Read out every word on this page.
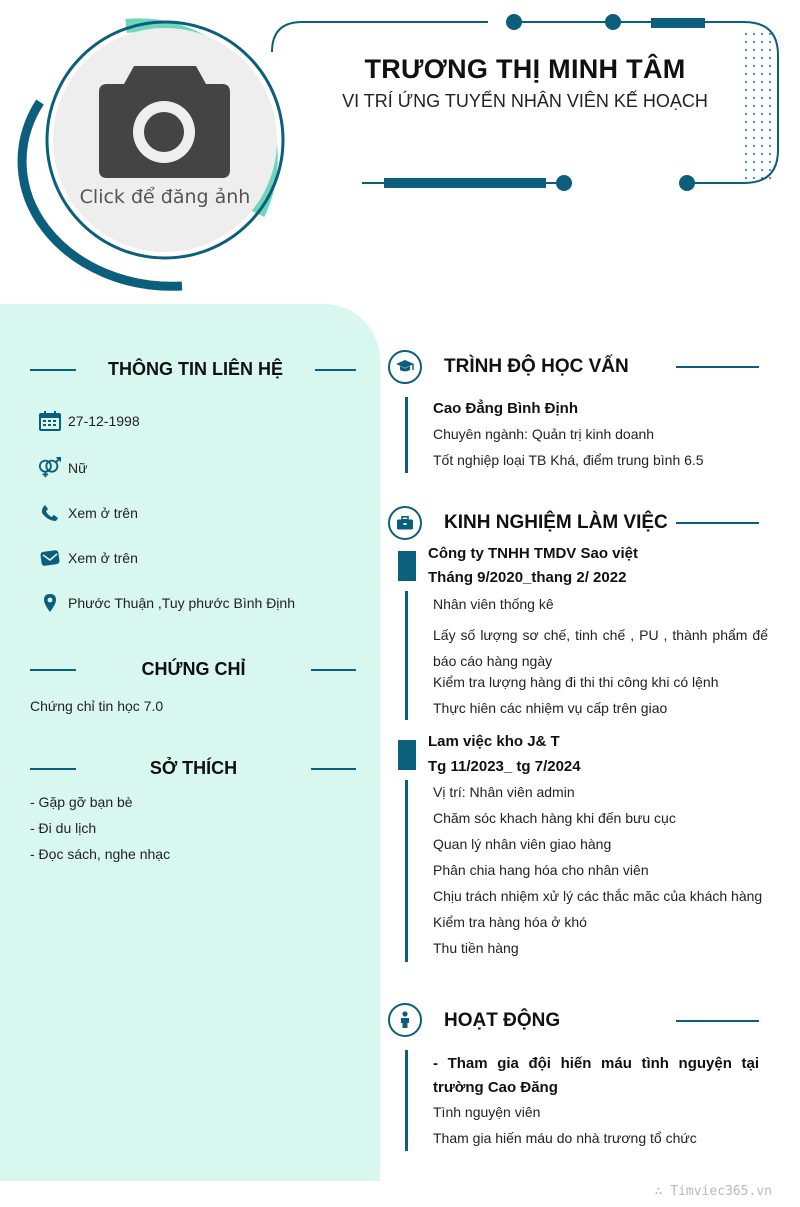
Click để đăng ảnh
TRƯƠNG THỊ MINH TÂM
VI TRÍ ỨNG TUYỂN NHÂN VIÊN KẾ HOẠCH
THÔNG TIN LIÊN HỆ
27-12-1998
Nữ
Xem ở trên
Xem ở trên
Phước Thuận ,Tuy phước Bình Định
CHỨNG CHỈ
Chứng chỉ tin học 7.0
SỞ THÍCH
- Gặp gỡ bạn bè
- Đi du lịch
- Đọc sách, nghe nhạc
TRÌNH ĐỘ HỌC VẤN
Cao Đẳng Bình Định
Chuyên ngành: Quản trị kinh doanh
Tốt nghiệp loại TB Khá, điểm trung bình 6.5
KINH NGHIỆM LÀM VIỆC
Công ty TNHH TMDV Sao việt
Tháng 9/2020_thang 2/ 2022
Nhân viên thống kê
Lấy số lượng sơ chế, tinh chế , PU , thành phẩm để báo cáo hàng ngày
Kiểm tra lượng hàng đi thi thi công khi có lệnh
Thực hiên các nhiệm vụ cấp trên giao
Lam việc kho J& T
Tg 11/2023_ tg 7/2024
Vị trí: Nhân viên admin
Chăm sóc khach hàng khi đến bưu cục
Quan lý nhân viên giao hàng
Phân chia hang hóa cho nhân viên
Chịu trách nhiệm xử lý các thắc măc của khách hàng
Kiểm tra hàng hóa ở khó
Thu tiền hàng
HOẠT ĐỘNG
- Tham gia đội hiến máu tình nguyện tại trường Cao Đăng
Tình nguyện viên
Tham gia hiến máu do nhà trương tổ chức
∴ Timviec365.vn
